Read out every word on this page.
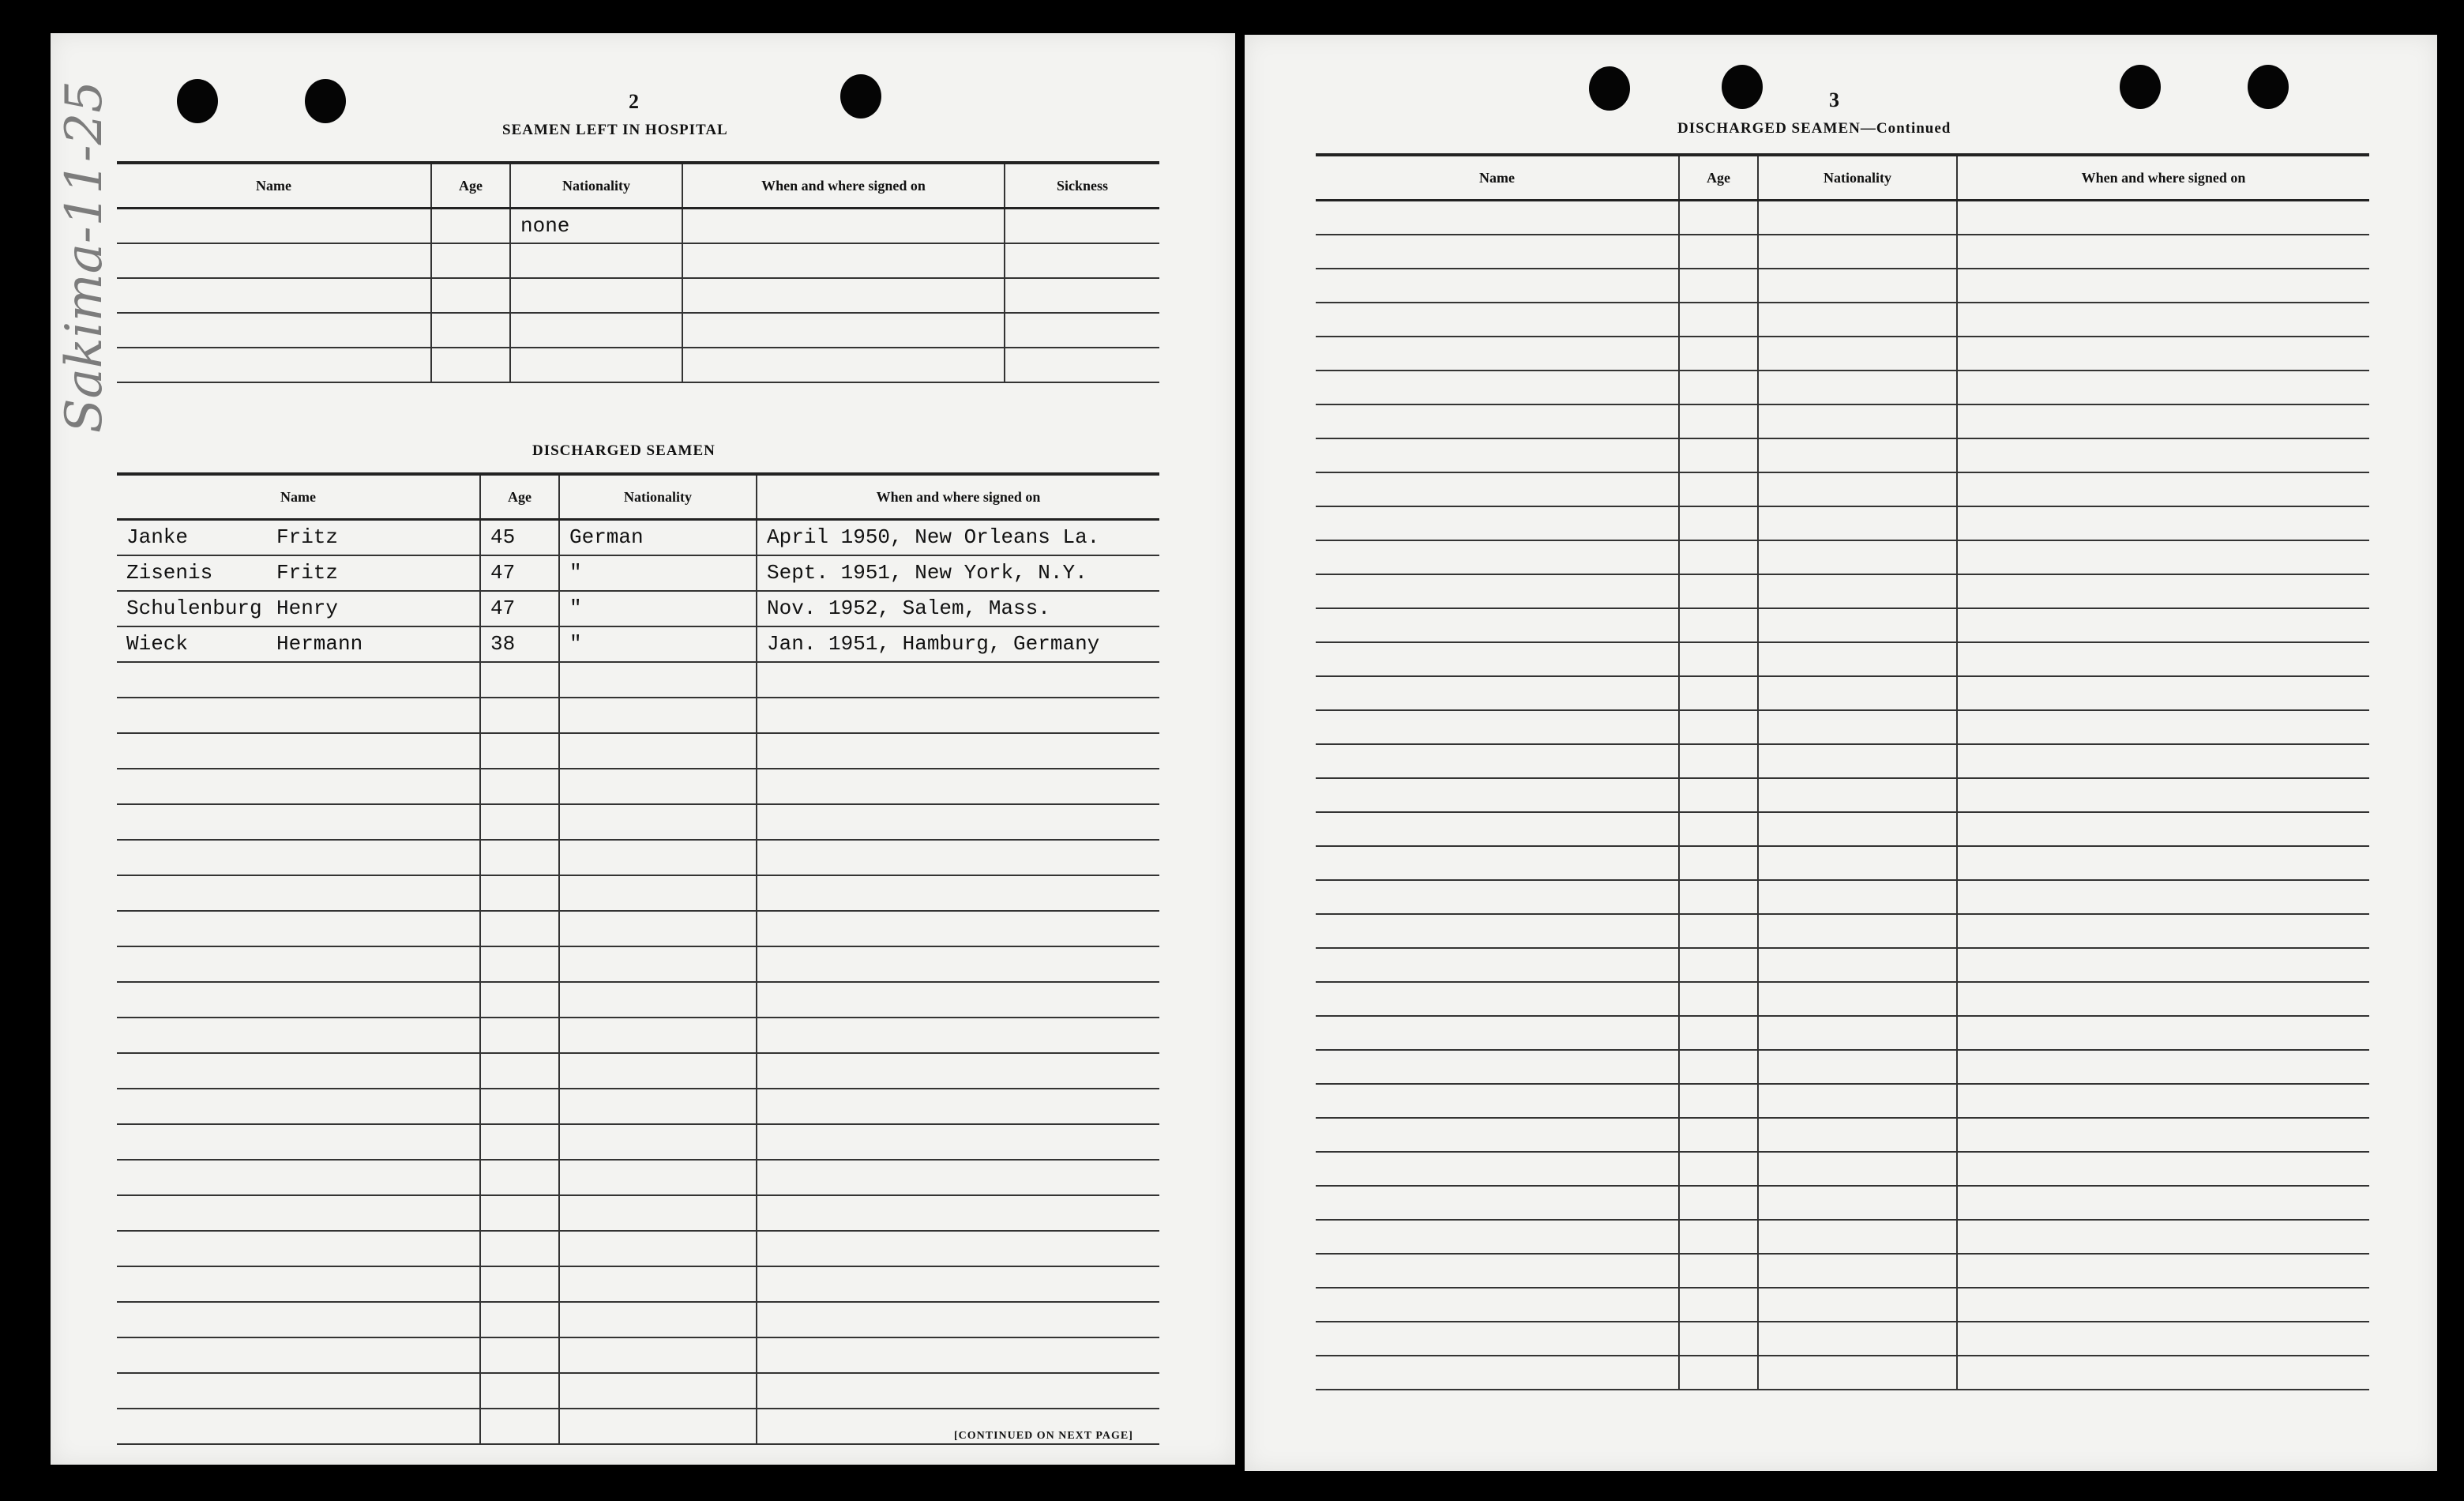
Sakima-11-25	2
SEAMEN LEFT IN HOSPITAL
Name	Age	Nationality	When and where signed on	Sickness
		none		

DISCHARGED SEAMEN
Name	Age	Nationality	When and where signed on
Janke Fritz	45	German	April 1950, New Orleans La.
Zisenis Fritz	47	"	Sept. 1951, New York, N.Y.
Schulenburg Henry	47	"	Nov. 1952, Salem, Mass.
Wieck Hermann	38	"	Jan. 1951, Hamburg, Germany

[CONTINUED ON NEXT PAGE]
3
DISCHARGED SEAMEN—Continued
Name	Age	Nationality	When and where signed on
